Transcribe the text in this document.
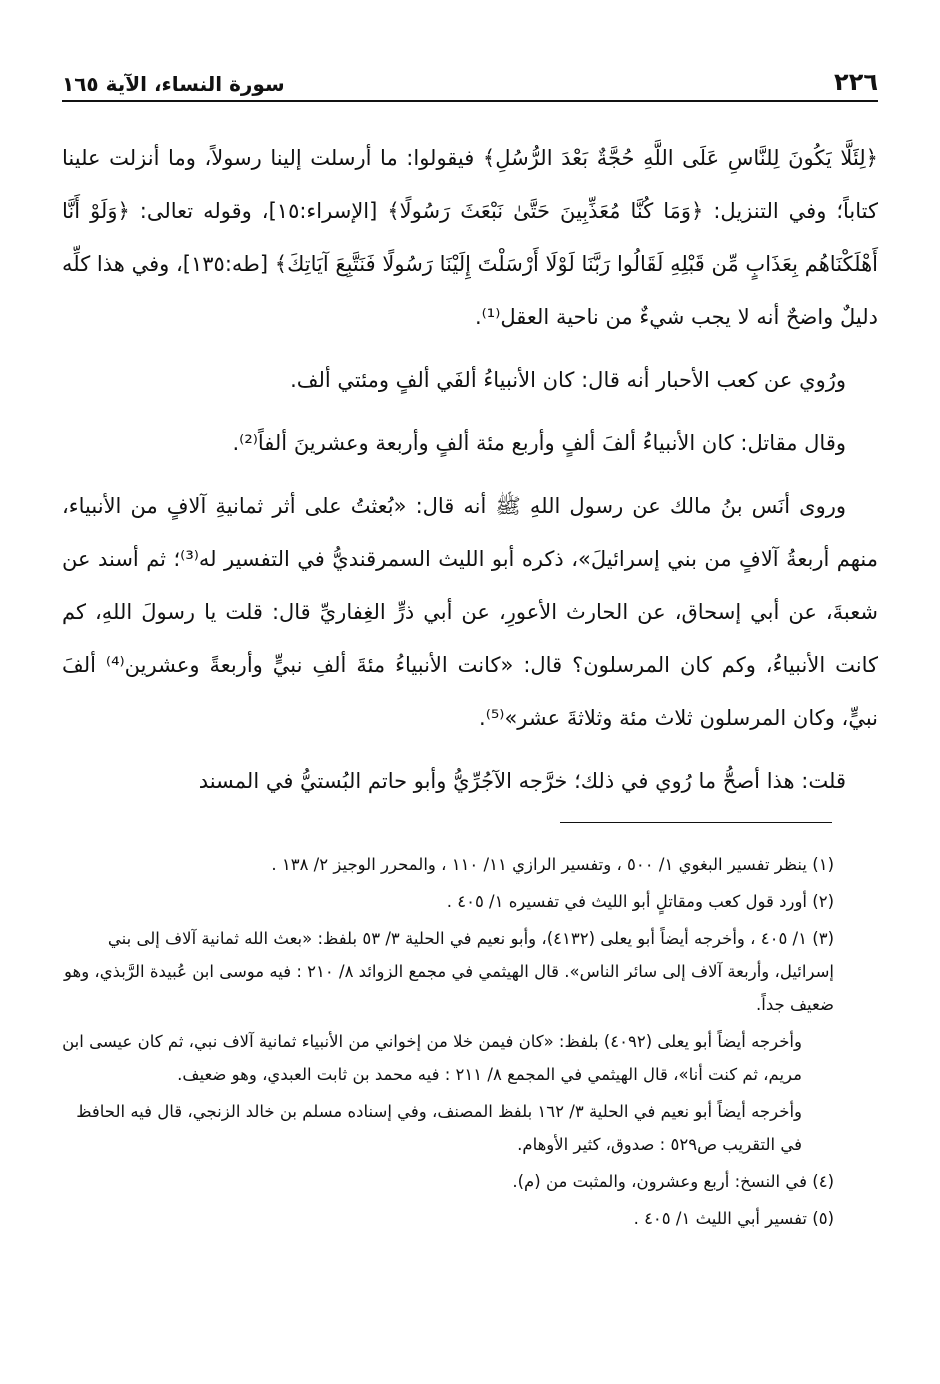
٢٢٦
سورة النساء، الآية ١٦٥

﴿لِئَلَّا يَكُونَ لِلنَّاسِ عَلَى اللَّهِ حُجَّةٌ بَعْدَ الرُّسُلِ﴾ فيقولوا: ما أرسلت إلينا رسولاً، وما أنزلت علينا كتاباً؛ وفي التنزيل: ﴿وَمَا كُنَّا مُعَذِّبِينَ حَتَّىٰ نَبْعَثَ رَسُولًا﴾ [الإسراء:١٥]، وقوله تعالى: ﴿وَلَوْ أَنَّا أَهْلَكْنَاهُم بِعَذَابٍ مِّن قَبْلِهِ لَقَالُوا رَبَّنَا لَوْلَا أَرْسَلْتَ إِلَيْنَا رَسُولًا فَنَتَّبِعَ آيَاتِكَ﴾ [طه:١٣٥]، وفي هذا كلِّه دليلٌ واضحٌ أنه لا يجب شيءٌ من ناحية العقل⁽¹⁾.

ورُوي عن كعب الأحبار أنه قال: كان الأنبياءُ ألفَي ألفٍ ومئتي ألف.

وقال مقاتل: كان الأنبياءُ ألفَ ألفٍ وأربع مئة ألفٍ وأربعة وعشرينَ ألفاً⁽²⁾.

وروى أنَس بنُ مالك عن رسول اللهِ ﷺ أنه قال: «بُعثتُ على أثر ثمانيةِ آلافٍ من الأنبياء، منهم أربعةُ آلافٍ من بني إسرائيلَ»، ذكره أبو الليث السمرقنديُّ في التفسير له⁽³⁾؛ ثم أسند عن شعبةَ، عن أبي إسحاق، عن الحارث الأعورِ، عن أبي ذرٍّ الغِفاريِّ قال: قلت يا رسولَ اللهِ، كم كانت الأنبياءُ، وكم كان المرسلون؟ قال: «كانت الأنبياءُ مئةَ ألفِ نبيٍّ وأربعةً وعشرين⁽⁴⁾ ألفَ نبيٍّ، وكان المرسلون ثلاث مئة وثلاثةَ عشر»⁽⁵⁾.

قلت: هذا أصحُّ ما رُوي في ذلك؛ خرَّجه الآجُرِّيُّ وأبو حاتم البُستيُّ في المسند

(١) ينظر تفسير البغوي ١/ ٥٠٠ ، وتفسير الرازي ١١/ ١١٠ ، والمحرر الوجيز ٢/ ١٣٨ .

(٢) أورد قول كعب ومقاتلٍ أبو الليث في تفسيره ١/ ٤٠٥ .

(٣) ١/ ٤٠٥ ، وأخرجه أيضاً أبو يعلى (٤١٣٢)، وأبو نعيم في الحلية ٣/ ٥٣ بلفظ: «بعث الله ثمانية آلاف إلى بني إسرائيل، وأربعة آلاف إلى سائر الناس». قال الهيثمي في مجمع الزوائد ٨/ ٢١٠ : فيه موسى ابن عُبيدة الرَّبذي، وهو ضعيف جداً.

وأخرجه أيضاً أبو يعلى (٤٠٩٢) بلفظ: «كان فيمن خلا من إخواني من الأنبياء ثمانية آلاف نبي، ثم كان عيسى ابن مريم، ثم كنت أنا»، قال الهيثمي في المجمع ٨/ ٢١١ : فيه محمد بن ثابت العبدي، وهو ضعيف.

وأخرجه أيضاً أبو نعيم في الحلية ٣/ ١٦٢ بلفظ المصنف، وفي إسناده مسلم بن خالد الزنجي، قال فيه الحافظ في التقريب ص٥٢٩ : صدوق، كثير الأوهام.

(٤) في النسخ: أربع وعشرون، والمثبت من (م).

(٥) تفسير أبي الليث ١/ ٤٠٥ .
